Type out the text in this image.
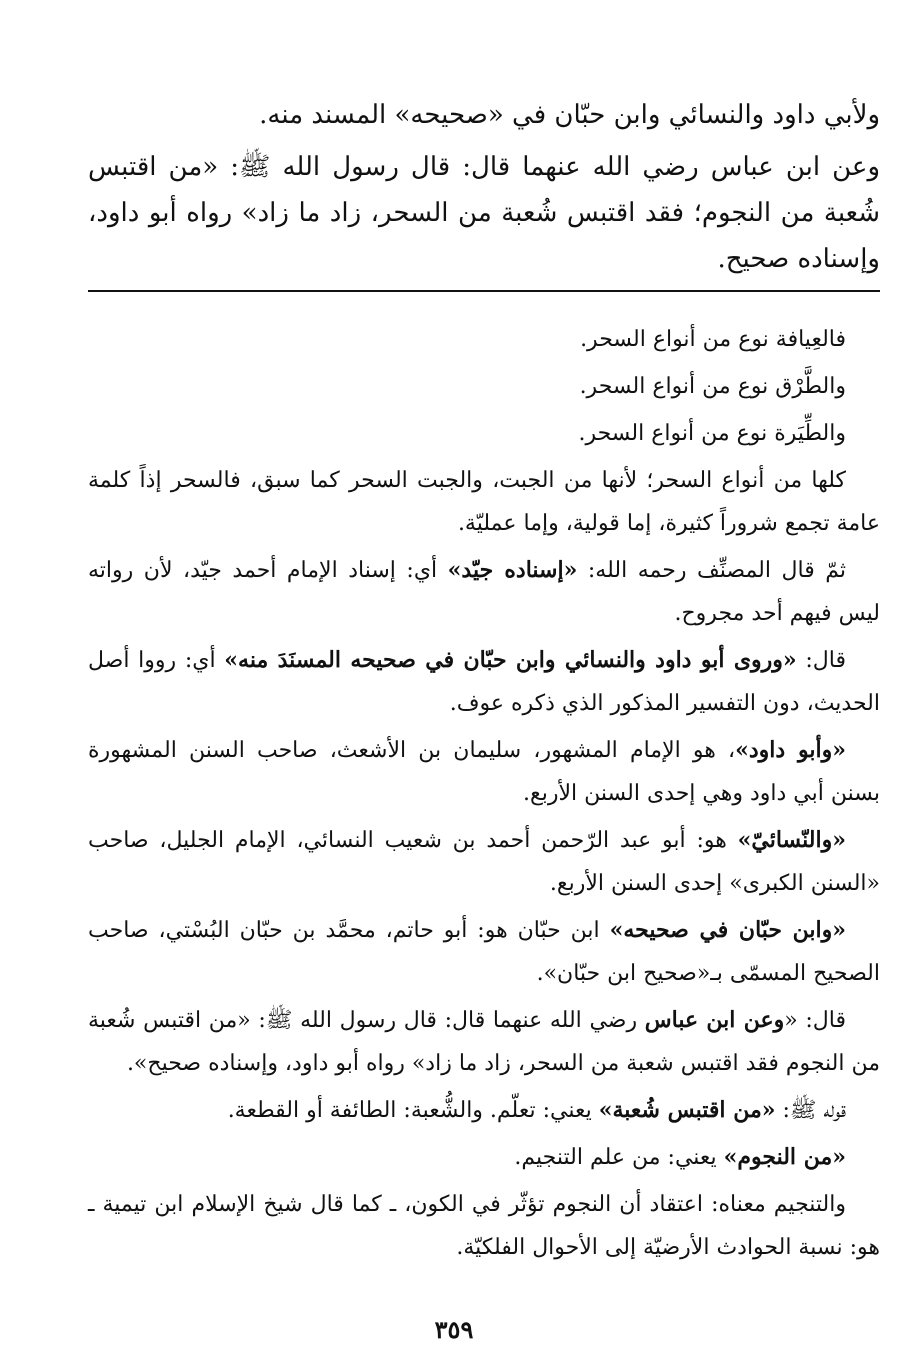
ولأبي داود والنسائي وابن حبّان في «صحيحه» المسند منه.

وعن ابن عباس رضي الله عنهما قال: قال رسول الله ﷺ: «من اقتبس شُعبة من النجوم؛ فقد اقتبس شُعبة من السحر، زاد ما زاد» رواه أبو داود، وإسناده صحيح.

فالعِيافة نوع من أنواع السحر.

والطَّرْق نوع من أنواع السحر.

والطِّيَرة نوع من أنواع السحر.

كلها من أنواع السحر؛ لأنها من الجبت، والجبت السحر كما سبق، فالسحر إذاً كلمة عامة تجمع شروراً كثيرة، إما قولية، وإما عمليّة.

ثمّ قال المصنِّف رحمه الله: «إسناده جيّد» أي: إسناد الإمام أحمد جيّد، لأن رواته ليس فيهم أحد مجروح.

قال: «وروى أبو داود والنسائي وابن حبّان في صحيحه المسنَدَ منه» أي: رووا أصل الحديث، دون التفسير المذكور الذي ذكره عوف.

«وأبو داود»، هو الإمام المشهور، سليمان بن الأشعث، صاحب السنن المشهورة بسنن أبي داود وهي إحدى السنن الأربع.

«والنّسائيّ» هو: أبو عبد الرّحمن أحمد بن شعيب النسائي، الإمام الجليل، صاحب «السنن الكبرى» إحدى السنن الأربع.

«وابن حبّان في صحيحه» ابن حبّان هو: أبو حاتم، محمَّد بن حبّان البُسْتي، صاحب الصحيح المسمّى بـ«صحيح ابن حبّان».

قال: «وعن ابن عباس رضي الله عنهما قال: قال رسول الله ﷺ: «من اقتبس شُعبة من النجوم فقد اقتبس شعبة من السحر، زاد ما زاد» رواه أبو داود، وإسناده صحيح».

قوله ﷺ: «من اقتبس شُعبة» يعني: تعلّم. والشُّعبة: الطائفة أو القطعة.

«من النجوم» يعني: من علم التنجيم.

والتنجيم معناه: اعتقاد أن النجوم تؤثّر في الكون، ـ كما قال شيخ الإسلام ابن تيمية ـ هو: نسبة الحوادث الأرضيّة إلى الأحوال الفلكيّة.

٣٥٩
